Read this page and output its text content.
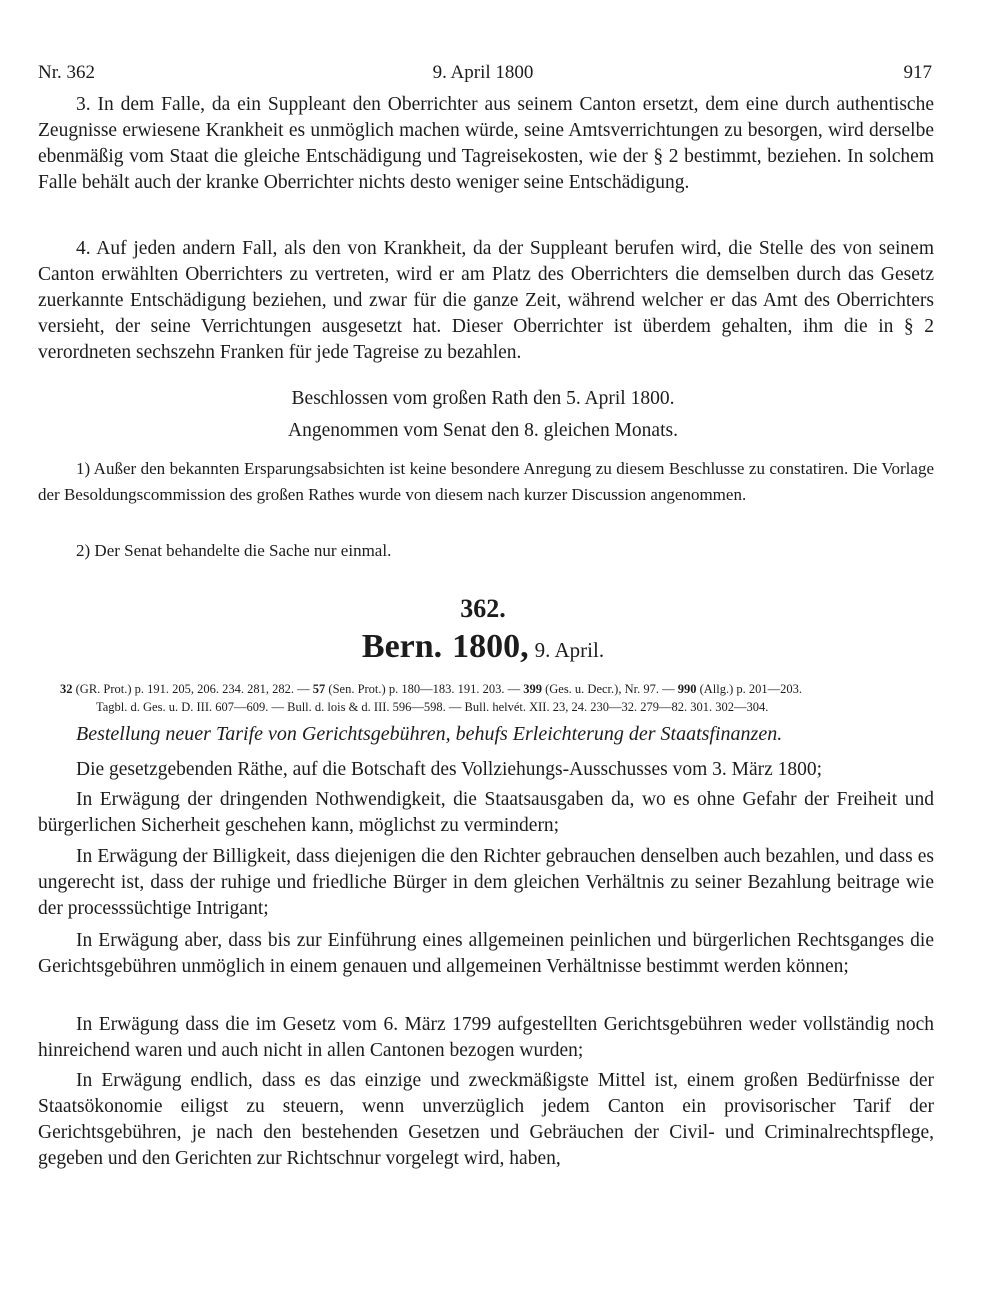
Nr. 362	9. April 1800	917
3. In dem Falle, da ein Suppleant den Oberrichter aus seinem Canton ersetzt, dem eine durch authentische Zeugnisse erwiesene Krankheit es unmöglich machen würde, seine Amtsverrichtungen zu besorgen, wird derselbe ebenmäßig vom Staat die gleiche Entschädigung und Tagreisekosten, wie der § 2 bestimmt, beziehen. In solchem Falle behält auch der kranke Oberrichter nichts desto weniger seine Entschädigung.
4. Auf jeden andern Fall, als den von Krankheit, da der Suppleant berufen wird, die Stelle des von seinem Canton erwählten Oberrichters zu vertreten, wird er am Platz des Oberrichters die demselben durch das Gesetz zuerkannte Entschädigung beziehen, und zwar für die ganze Zeit, während welcher er das Amt des Oberrichters versieht, der seine Verrichtungen ausgesetzt hat. Dieser Oberrichter ist überdem gehalten, ihm die in § 2 verordneten sechszehn Franken für jede Tagreise zu bezahlen.
Beschlossen vom großen Rath den 5. April 1800.
Angenommen vom Senat den 8. gleichen Monats.
1) Außer den bekannten Ersparungsabsichten ist keine besondere Anregung zu diesem Beschlusse zu constatiren. Die Vorlage der Besoldungscommission des großen Rathes wurde von diesem nach kurzer Discussion angenommen.
2) Der Senat behandelte die Sache nur einmal.
362.
Bern. 1800, 9. April.
32 (GR. Prot.) p. 191. 205, 206. 234. 281, 282. — 57 (Sen. Prot.) p. 180—183. 191. 203. — 399 (Ges. u. Decr.), Nr. 97. — 990 (Allg.) p. 201—203.
Tagbl. d. Ges. u. D. III. 607—609. — Bull. d. lois & d. III. 596—598. — Bull. helvét. XII. 23, 24. 230—32. 279—82. 301. 302—304.
Bestellung neuer Tarife von Gerichtsgebühren, behufs Erleichterung der Staatsfinanzen.
Die gesetzgebenden Räthe, auf die Botschaft des Vollziehungs-Ausschusses vom 3. März 1800;
In Erwägung der dringenden Nothwendigkeit, die Staatsausgaben da, wo es ohne Gefahr der Freiheit und bürgerlichen Sicherheit geschehen kann, möglichst zu vermindern;
In Erwägung der Billigkeit, dass diejenigen die den Richter gebrauchen denselben auch bezahlen, und dass es ungerecht ist, dass der ruhige und friedliche Bürger in dem gleichen Verhältnis zu seiner Bezahlung beitrage wie der processsüchtige Intrigant;
In Erwägung aber, dass bis zur Einführung eines allgemeinen peinlichen und bürgerlichen Rechtsganges die Gerichtsgebühren unmöglich in einem genauen und allgemeinen Verhältnisse bestimmt werden können;
In Erwägung dass die im Gesetz vom 6. März 1799 aufgestellten Gerichtsgebühren weder vollständig noch hinreichend waren und auch nicht in allen Cantonen bezogen wurden;
In Erwägung endlich, dass es das einzige und zweckmäßigste Mittel ist, einem großen Bedürfnisse der Staatsökonomie eiligst zu steuern, wenn unverzüglich jedem Canton ein provisorischer Tarif der Gerichtsgebühren, je nach den bestehenden Gesetzen und Gebräuchen der Civil- und Criminalrechtspflege, gegeben und den Gerichten zur Richtschnur vorgelegt wird, haben,
